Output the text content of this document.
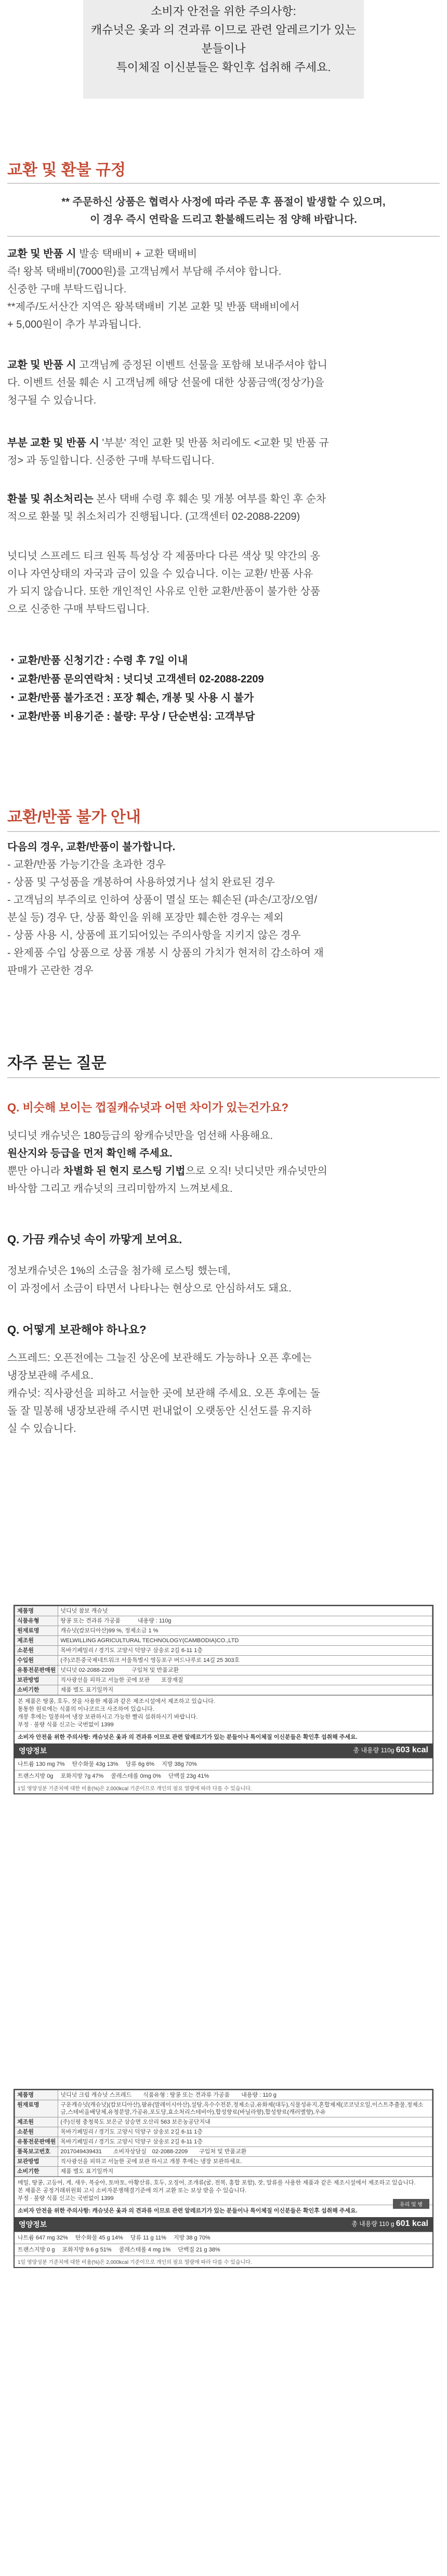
소비자 안전을 위한 주의사항:

캐슈넛은 옻과 의 견과류 이므로 관련 알레르기가 있는

분들이나

특이체질 이신분들은 확인후 섭취해 주세요.

교환 및 환불 규정
** 주문하신 상품은 협력사 사정에 따라 주문 후 품절이 발생할 수 있으며,
이 경우 즉시 연락을 드리고 환불해드리는 점 양해 바랍니다.
교환 및 반품 시 발송 택배비 + 교환 택배비
즉! 왕복 택배비(7000원)를 고객님께서 부담해 주셔야 합니다.
신중한 구매 부탁드립니다.
**제주/도서산간 지역은 왕복택배비 기본 교환 및 반품 택배비에서
+ 5,000원이 추가 부과됩니다.
교환 및 반품 시 고객님께 증정된 이벤트 선물을 포함해 보내주셔야 합니
다. 이벤트 선물 훼손 시 고객님께 해당 선물에 대한 상품금액(정상가)을
청구될 수 있습니다.
부분 교환 및 반품 시 '부분' 적인 교환 및 반품 처리에도 <교환 및 반품 규
정> 과 동일합니다. 신중한 구매 부탁드립니다.
환불 및 취소처리는 본사 택배 수령 후 훼손 및 개봉 여부를 확인 후 순차
적으로 환불 및 취소처리가 진행됩니다. (고객센터 02-2088-2209)
넛디넛 스프레드 티크 원톡 특성상 각 제품마다 다른 색상 및 약간의 옹
이나 자연상태의 자국과 금이 있을 수 있습니다. 이는 교환/ 반품 사유
가 되지 않습니다. 또한 개인적인 사유로 인한 교환/반품이 불가한 상품
으로 신중한 구매 부탁드립니다.
・교환/반품 신청기간 : 수령 후 7일 이내
・교환/반품 문의연락처 : 넛디넛 고객센터 02-2088-2209
・교환/반품 불가조건 : 포장 훼손, 개봉 및 사용 시 불가
・교환/반품 비용기준 : 불량: 무상 / 단순변심: 고객부담
교환/반품 불가 안내
다음의 경우, 교환/반품이 불가합니다.
- 교환/반품 가능기간을 초과한 경우
- 상품 및 구성품을 개봉하여 사용하였거나 설치 완료된 경우
- 고객님의 부주의로 인하여 상품이 멸실 또는 훼손된 (파손/고장/오염/
분실 등) 경우 단, 상품 확인을 위해 포장만 훼손한 경우는 제외
- 상품 사용 시, 상품에 표기되어있는 주의사항을 지키지 않은 경우
- 완제품 수입 상품으로 상품 개봉 시 상품의 가치가 현저히 감소하여 재
판매가 곤란한 경우
자주 묻는 질문
Q. 비슷해 보이는 껍질캐슈넛과 어떤 차이가 있는건가요?
넛디넛 캐슈넛은 180등급의 왕캐슈넛만을 엄선해 사용해요.
원산지와 등급을 먼저 확인해 주세요.
뿐만 아니라 차별화 된 현지 로스팅 기법으로 오직! 넛디넛만 캐슈넛만의
바삭함 그리고 캐슈넛의 크리미함까지 느껴보세요.
Q. 가끔 캐슈넛 속이 까맣게 보여요.
정보캐슈넛은 1%의 소금을 첨가해 로스팅 했는데,
이 과정에서 소금이 타면서 나타나는 현상으로 안심하셔도 돼요.
Q. 어떻게 보관해야 하나요?
스프레드: 오픈전에는 그늘진 상온에 보관해도 가능하나 오픈 후에는
냉장보관해 주세요.
캐슈넛: 직사광선을 피하고 서늘한 곳에 보관해 주세요. 오픈 후에는 돌
돌 잘 밀봉해 냉장보관해 주시면 펀내없이 오랫동안 신선도를 유지하
실 수 있습니다.
제품명	넛디넛 참보 캐슈넛
식품유형	땅콩 또는 견과류 가공품　　　내용량 : 110g
원재료명	캐슈넛(캄보디아산)99 %, 정제소금 1 %
제조원	WELWILLING AGRICULTURAL TECHNOLOGY(CAMBODIA)CO.,LTD
소분원	목바기페밀리 / 경기도 고양시 덕양구 삼송로 2길 6-11 1층
수입원	(주)코튼중국제네트워크 서울특별시 영등포구 버드나루로 14길 25 303호
유통전문판매원	넛디넛 02-2088-2209　　　구입처 및 반품교환
보관방법	직사광선을 피하고 서늘한 곳에 보관　　포장재질
소비기한	제품 별도 표기일까지
본 제품은 땅콩, 호두, 잣을 사용한 제품과 같은 제조시설에서 제조하고 있습니다.
통통한 원료에는 식품의 이나코르크 사조하여 있습니다.
개봉 후에는 밀봉하여 냉장 보관하시고 가능한 빨리 섭취하시기 바랍니다.
부정 · 불량 식품 신고는 국번없이 1399
소비자 안전을 위한 주의사항: 캐슈넛은 옻과 의 견과류 이므로 관련 알레르기가 있는 분들이나 특이체질 이신분들은 확인후 섭취해 주세요.
영양정보	총 내용량 110g 603 kcal
나트륨 130 mg 7% 탄수화물 43g 13% 당류 6g 6% 지방 38g 70%
트랜스지방 0g 포화지방 7g 47% 콜레스테롤 0mg 0% 단백질 23g 41%
1일 영양성분 기준치에 대한 비율(%)은 2,000kcal 기준이므로 개인의 필요 열량에 따라 다를 수 있습니다.
유리 및 병
제품명	넛디넛 크림 캐슈넛 스프레드　　식품유형 : 땅콩 또는 견과류 가공품　　내용량 : 110 g
원재료명	구운캐슈넛(캐슈넛)(캄보디아산),팜유(말레이시아산),설탕,옥수수전분,정제소금,유화제(대두),식물성유지,혼합제제(코코넛오일,이스트추출물,정제소금,스테비올배당체,유청분말,가공유,포도당,효소처리스테비아),합성향료(바닐라향),합성향료(캐러멜향),우유
제조원	(주)신평 충청북도 보은군 삼승면 오산리 563 보은농공단지내
소분원	목바기페밀리 / 경기도 고양시 덕양구 삼송로 2길 6-11 1층
유통전문판매원	목바기페밀리 / 경기도 고양시 덕양구 삼송로 2길 6-11 1층
품목보고번호	2017049439431　　소비자상담실　02-2088-2209　　구입처 및 반품교환
보관방법	직사광선을 피하고 서늘한 곳에 보관 하시고 개봉 후에는 냉장 보관하세요.
소비기한	제품 별도 표기일까지
메밀, 땅콩, 고등어, 게, 새우, 복숭아, 토마토, 아황산류, 호두, 오징어, 조개류(굴, 전복, 홍합 포함), 잣, 알류를 사용한 제품과 같은 제조시설에서 제조하고 있습니다.
본 제품은 공정거래위원회 고시 소비자분쟁해결기준에 의거 교환 또는 보상 받을 수 있습니다.
부정 · 불량 식품 신고는 국번없이 1399
소비자 안전을 위한 주의사항: 캐슈넛은 옻과 의 견과류 이므로 관련 알레르기가 있는 분들이나 특이체질 이신분들은 확인후 섭취해 주세요.
영양정보	총 내용량 110 g 601 kcal
나트륨 647 mg 32% 탄수화물 45 g 14% 당류 11 g 11% 지방 38 g 70%
트랜스지방 0 g 포화지방 9.6 g 51% 콜레스테롤 4 mg 1% 단백질 21 g 38%
1일 영양성분 기준치에 대한 비율(%)은 2,000kcal 기준이므로 개인의 필요 열량에 따라 다를 수 있습니다.
